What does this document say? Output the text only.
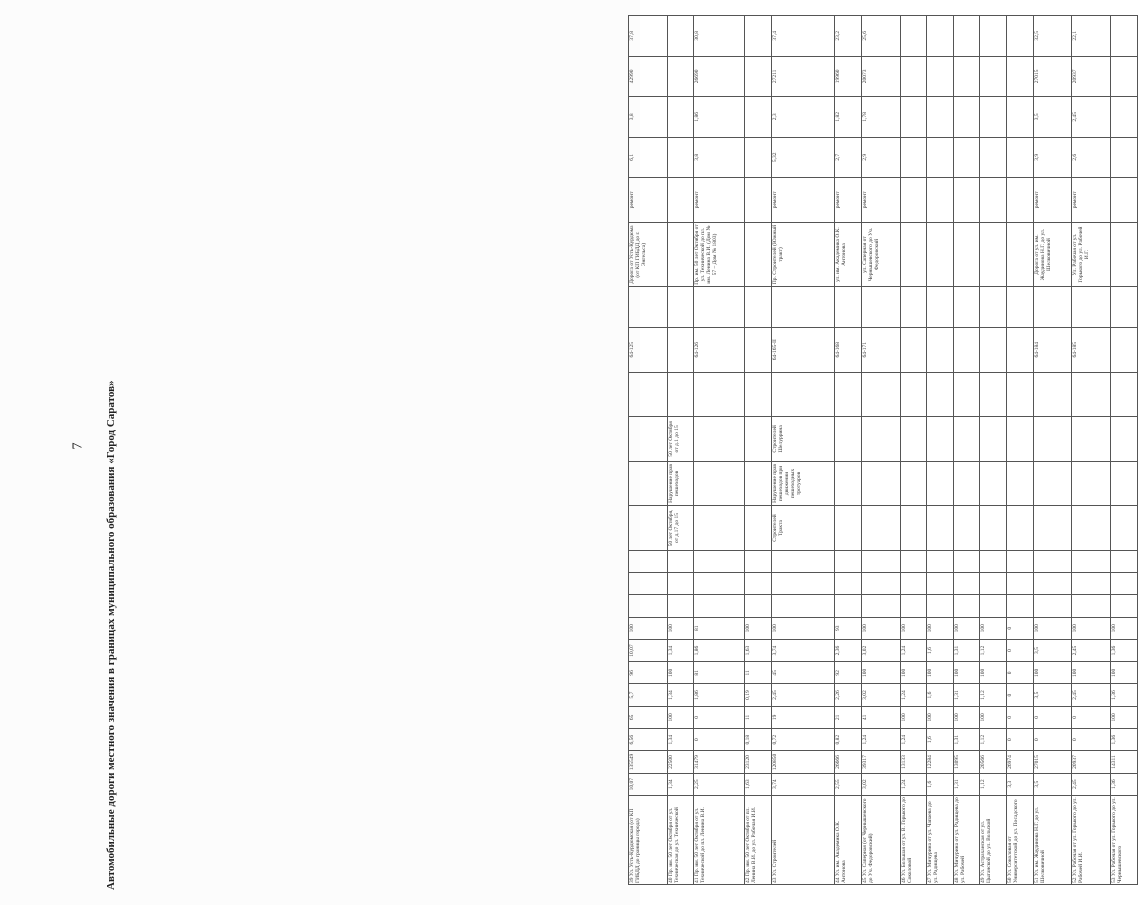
7 Автомобильные дороги местного значения в границах муниципального образования «Город Саратов»	39 Ул. Усть-Курдюмская (от КП ГИБДД до границы города)	10,07	135549	6,56	65	5,7	96	10,07	100								64-125		Дорога от Усть-Курдюма (от КП ГИБДД до г. Энгельса)	ремонт	6,1	3,8	42990	37,8
40 Пр. им. 50 лет Октября от ул. Техническая до ул. Технической	1,34	22500	1,34	100	1,34	100	1,34	100				50 лет Октября, от д.17 до 15	Нарушение прав пешеходов	50 лет Октября от д.1 до 15									
41 Пр. им. 50 лет Октября от ул. Технической до пл. Ленина В.И.	2,25	31479	0	0	1,86	81	1,86	81								64-126		Пр. им. 50 лет Октября от ул. Технической до пл. им. Ленина В.И. (Дом № 57 – Дом № 1803)	ремонт	3,8	1,86	26690	30,8
42 Пр. им. 50 лет Октября от пл. Ленина В.И. до ул. Рабочая И.И.	1,63	23120	0,18	11	0,19	11	1,63	100															
43 Ул. Строителей	3,74	120850	0,72	19	2,45	45	3,74	100				Строителей Тракта	Нарушение прав пешеходов при движении пешеходных тротуаров	Строителей Шелуррина		64-165-II		Пр. Строителей (Южный тракт)	ремонт	5,32	2,3	27211	37,4
44 Ул. им. Академика О.К. Антонова	2,55	26666	0,82	21	2,26	92	2,36	93								64-168		ул. им. Академика О.К. Антонова	ремонт	2,7	1,82	19960	23,2
45 Ул. Саперная (от Чернышевского до Уч. Федоровский)	3,02	39317	1,24	41	3,02	100	3,02	100								64-171		ул. Саперная от Чернышевского до Уч. Федоровский	ремонт	2,9	1,78	20073	25,6
46 Ул. Большая от ул. В. Горького до Соколовой	1,24	13133	1,24	100	1,24	100	1,24	100															
47 Ул. Мичурина от ул. Чапаева до ул. Радищева	1,6	12284	1,6	100	1,6	100	1,6	100															
48 Ул. Мичурина от ул. Радищева до ул. Рабочей	1,31	13095	1,31	100	1,31	100	1,31	100															
49 Ул. Астраханская от ул. Цыганской до ул. Вольской	1,12	20566	1,12	100	1,12	100	1,12	100															
50 Ул. Соколовая от Университетской до ул. Посадского	3,3	26974	0	0	0	0	0	0															
51 Ул. им. Жаудинова Н.Г. до ул. Шелковичной	3,5	27015	0	0	3,5	100	3,5	100								64-184		Дорога от ул. им. Жаудинова Н.Г. до ул. Шелковичной	ремонт	3,9	3,5	27015	32,5
52 Ул. Рабочая от ул. Горького до ул. Рабочей И.И.	2,45	20937	0	0	2,45	100	2,45	100								64-185		Ул. Рабочая от ул. Горького до ул. Рабочей И.Г.	ремонт	2,6	2,45	20937	22,1
53 Ул. Рабочая от ул. Горького до ул. Чернышевского	1,36	14311	1,36	100	1,36	100	1,36	100															
